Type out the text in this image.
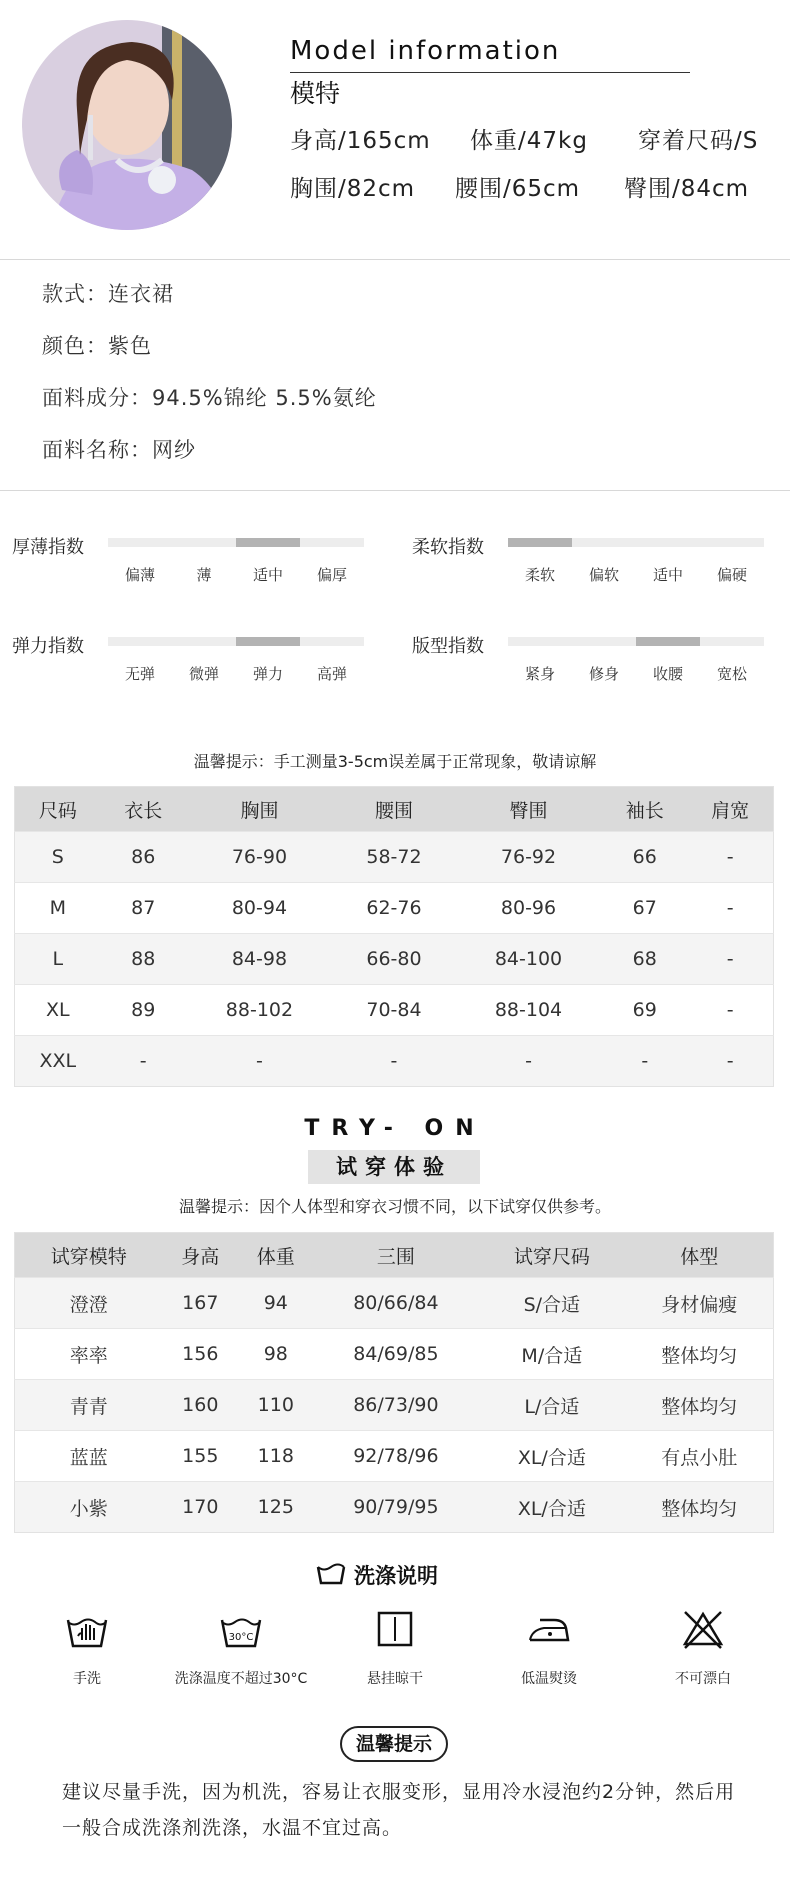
Model information
模特
身高/165cm 体重/47kg 穿着尺码/S
胸围/82cm 腰围/65cm 臀围/84cm
款式：连衣裙
颜色：紫色
面料成分：94.5%锦纶 5.5%氨纶
面料名称：网纱
厚薄指数
偏薄	薄	适中	偏厚
柔软指数
柔软	偏软	适中	偏硬
弹力指数
无弹	微弹	弹力	高弹
版型指数
紧身	修身	收腰	宽松
温馨提示：手工测量3-5cm误差属于正常现象，敬请谅解
尺码	衣长	胸围	腰围	臀围	袖长	肩宽
S	86	76-90	58-72	76-92	66	-
M	87	80-94	62-76	80-96	67	-
L	88	84-98	66-80	84-100	68	-
XL	89	88-102	70-84	88-104	69	-
XXL	-	-	-	-	-	-
TRY- ON
试穿体验
温馨提示：因个人体型和穿衣习惯不同，以下试穿仅供参考。
试穿模特	身高	体重	三围	试穿尺码	体型
澄澄	167	94	80/66/84	S/合适	身材偏瘦
率率	156	98	84/69/85	M/合适	整体均匀
青青	160	110	86/73/90	L/合适	整体均匀
蓝蓝	155	118	92/78/96	XL/合适	有点小肚
小紫	170	125	90/79/95	XL/合适	整体均匀
洗涤说明
手洗
30°C
洗涤温度不超过30°C	悬挂晾干	低温熨烫	不可漂白
温馨提示
建议尽量手洗，因为机洗，容易让衣服变形，显用冷水浸泡约2分钟，然后用一般合成洗涤剂洗涤，水温不宜过高。
